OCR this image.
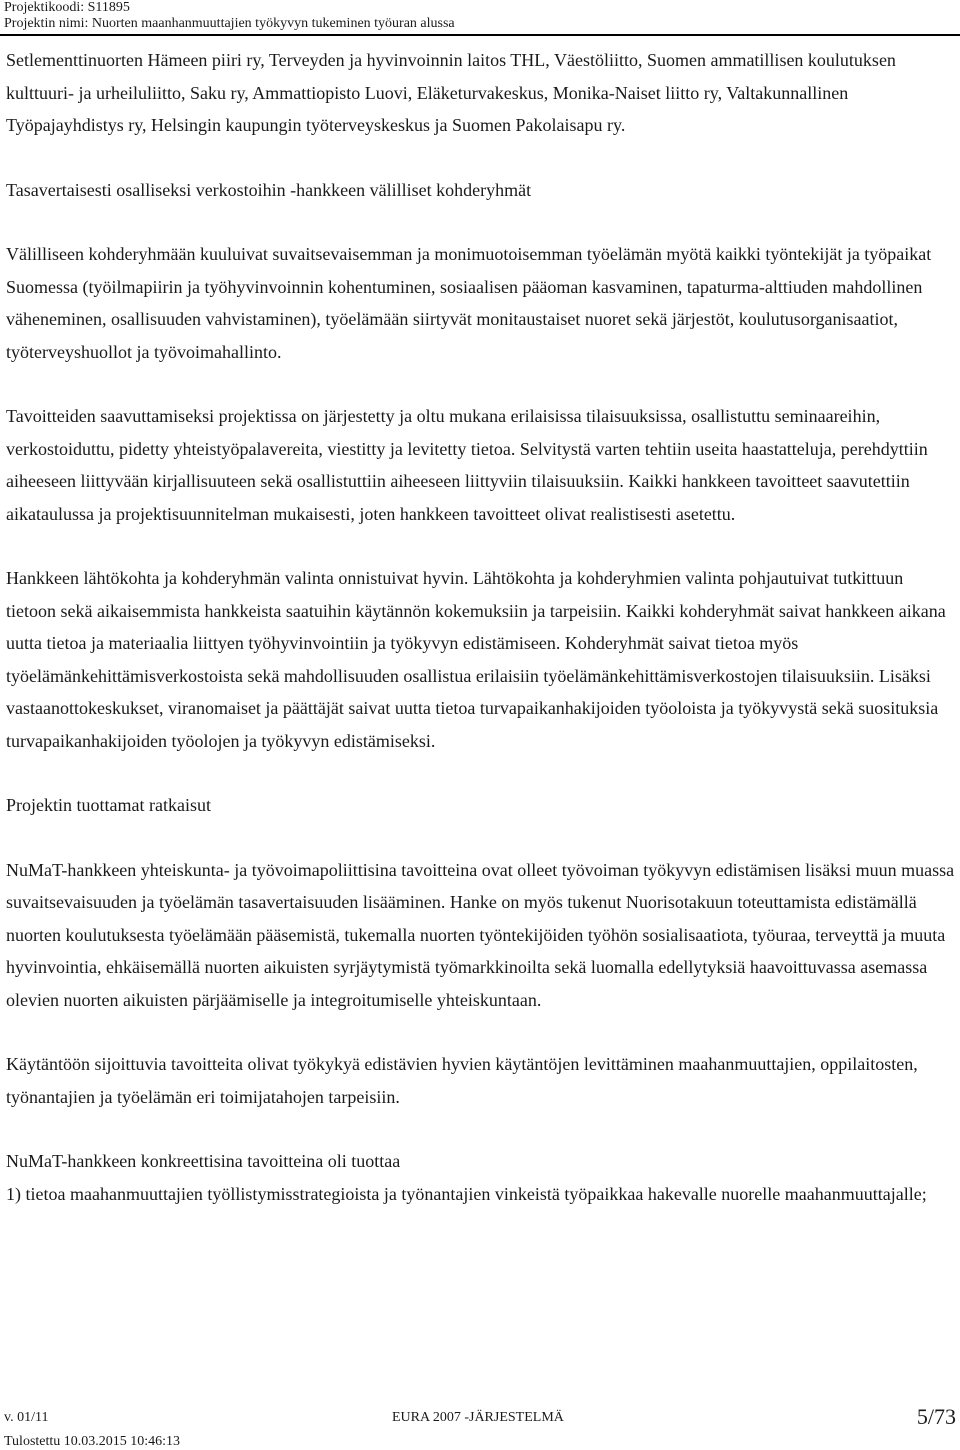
Projektikoodi: S11895
Projektin nimi: Nuorten maanhanmuuttajien työkyvyn tukeminen työuran alussa

Setlementtinuorten Hämeen piiri ry, Terveyden ja hyvinvoinnin laitos THL, Väestöliitto, Suomen ammatillisen koulutuksen kulttuuri- ja urheiluliitto, Saku ry, Ammattiopisto Luovi, Eläketurvakeskus, Monika-Naiset liitto ry, Valtakunnallinen Työpajayhdistys ry, Helsingin kaupungin työterveyskeskus ja Suomen Pakolaisapu ry.

Tasavertaisesti osalliseksi verkostoihin -hankkeen välilliset kohderyhmät

Välilliseen kohderyhmään kuuluivat suvaitsevaisemman ja monimuotoisemman työelämän myötä kaikki työntekijät ja työpaikat Suomessa (työilmapiirin ja työhyvinvoinnin kohentuminen, sosiaalisen pääoman kasvaminen, tapaturma-alttiuden mahdollinen väheneminen, osallisuuden vahvistaminen), työelämään siirtyvät monitaustaiset nuoret sekä järjestöt, koulutusorganisaatiot, työterveyshuollot ja työvoimahallinto.

Tavoitteiden saavuttamiseksi projektissa on järjestetty ja oltu mukana erilaisissa tilaisuuksissa, osallistuttu seminaareihin, verkostoiduttu, pidetty yhteistyöpalavereita, viestitty ja levitetty tietoa. Selvitystä varten tehtiin useita haastatteluja, perehdyttiin aiheeseen liittyvään kirjallisuuteen sekä osallistuttiin aiheeseen liittyviin tilaisuuksiin. Kaikki hankkeen tavoitteet saavutettiin aikataulussa ja projektisuunnitelman mukaisesti, joten hankkeen tavoitteet olivat realistisesti asetettu.

Hankkeen lähtökohta ja kohderyhmän valinta onnistuivat hyvin. Lähtökohta ja kohderyhmien valinta pohjautuivat tutkittuun tietoon sekä aikaisemmista hankkeista saatuihin käytännön kokemuksiin ja tarpeisiin. Kaikki kohderyhmät saivat hankkeen aikana uutta tietoa ja materiaalia liittyen työhyvinvointiin ja työkyvyn edistämiseen. Kohderyhmät saivat tietoa myös työelämänkehittämisverkostoista sekä mahdollisuuden osallistua erilaisiin työelämänkehittämisverkostojen tilaisuuksiin. Lisäksi vastaanottokeskukset, viranomaiset ja päättäjät saivat uutta tietoa turvapaikanhakijoiden työoloista ja työkyvystä sekä suosituksia turvapaikanhakijoiden työolojen ja työkyvyn edistämiseksi.

Projektin tuottamat ratkaisut

NuMaT-hankkeen yhteiskunta- ja työvoimapoliittisina tavoitteina ovat olleet työvoiman työkyvyn edistämisen lisäksi muun muassa suvaitsevaisuuden ja työelämän tasavertaisuuden lisääminen. Hanke on myös tukenut Nuorisotakuun toteuttamista edistämällä nuorten koulutuksesta työelämään pääsemistä, tukemalla nuorten työntekijöiden työhön sosialisaatiota, työuraa, terveyttä ja muuta hyvinvointia, ehkäisemällä nuorten aikuisten syrjäytymistä työmarkkinoilta sekä luomalla edellytyksiä haavoittuvassa asemassa olevien nuorten aikuisten pärjäämiselle ja integroitumiselle yhteiskuntaan.

Käytäntöön sijoittuvia tavoitteita olivat työkykyä edistävien hyvien käytäntöjen levittäminen maahanmuuttajien, oppilaitosten, työnantajien ja työelämän eri toimijatahojen tarpeisiin.

NuMaT-hankkeen konkreettisina tavoitteina oli tuottaa

1) tietoa maahanmuuttajien työllistymisstrategioista ja työnantajien vinkeistä työpaikkaa hakevalle nuorelle maahanmuuttajalle;

v. 01/11	EURA 2007 -JÄRJESTELMÄ	5/73
Tulostettu 10.03.2015 10:46:13
